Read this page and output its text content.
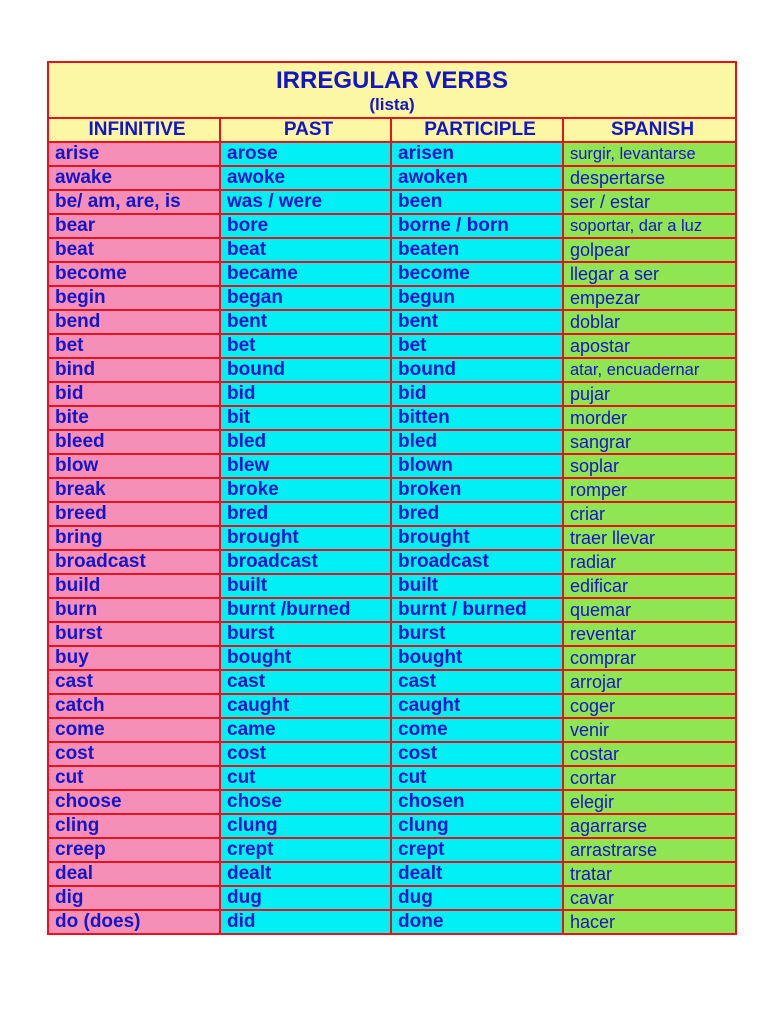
IRREGULAR VERBS
(lista)			

INFINITIVE	PAST	PARTICIPLE	SPANISH
arise	arose	arisen	surgir, levantarse
awake	awoke	awoken	despertarse
be/ am, are, is	was / were	been	ser / estar
bear	bore	borne / born	soportar, dar a luz
beat	beat	beaten	golpear
become	became	become	llegar a ser
begin	began	begun	empezar
bend	bent	bent	doblar
bet	bet	bet	apostar
bind	bound	bound	atar, encuadernar
bid	bid	bid	pujar
bite	bit	bitten	morder
bleed	bled	bled	sangrar
blow	blew	blown	soplar
break	broke	broken	romper
breed	bred	bred	criar
bring	brought	brought	traer llevar
broadcast	broadcast	broadcast	radiar
build	built	built	edificar
burn	burnt /burned	burnt / burned	quemar
burst	burst	burst	reventar
buy	bought	bought	comprar
cast	cast	cast	arrojar
catch	caught	caught	coger
come	came	come	venir
cost	cost	cost	costar
cut	cut	cut	cortar
choose	chose	chosen	elegir
cling	clung	clung	agarrarse
creep	crept	crept	arrastrarse
deal	dealt	dealt	tratar
dig	dug	dug	cavar
do (does)	did	done	hacer
